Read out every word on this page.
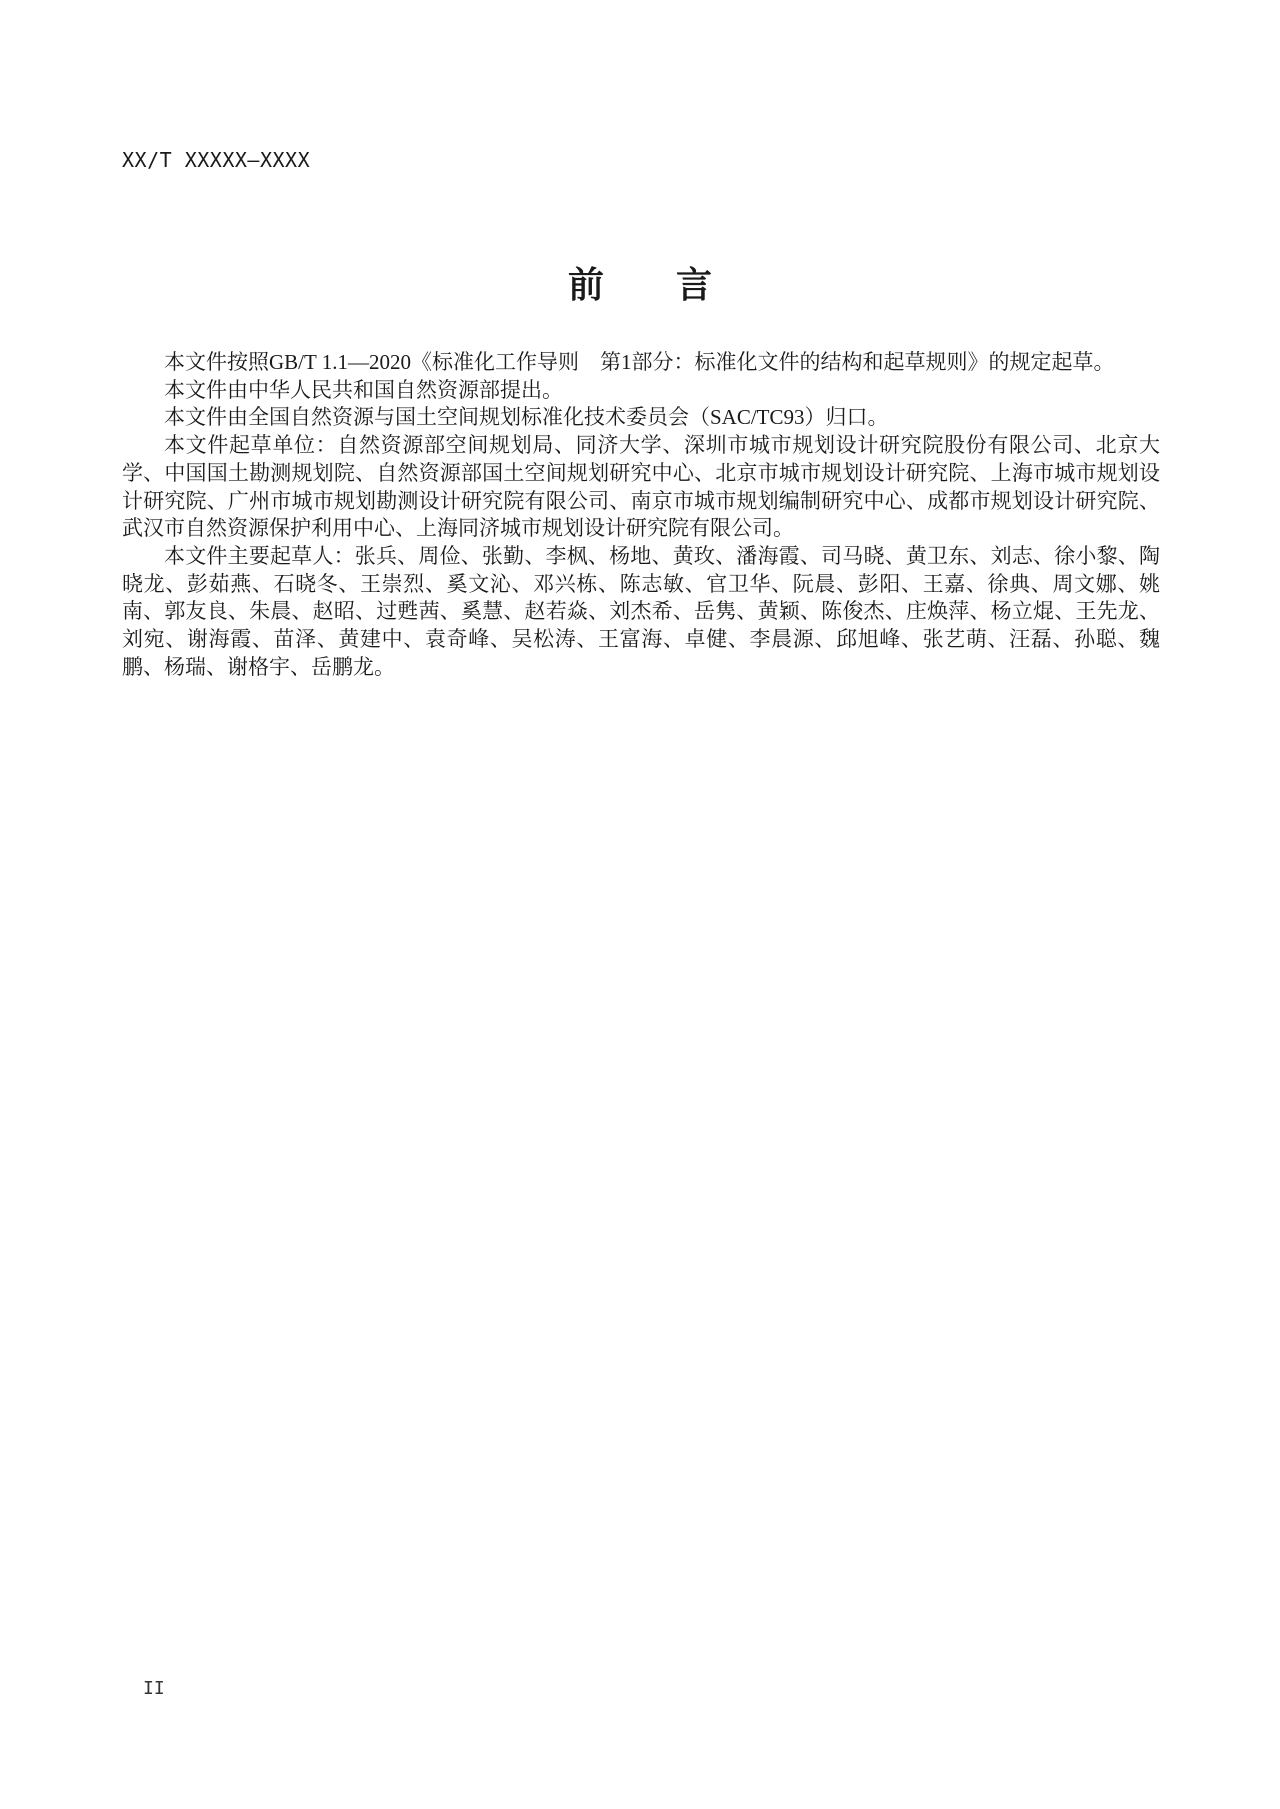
XX/T XXXXX—XXXX
前　　言

本文件按照GB/T 1.1—2020《标准化工作导则　第1部分：标准化文件的结构和起草规则》的规定起草。

本文件由中华人民共和国自然资源部提出。

本文件由全国自然资源与国土空间规划标准化技术委员会（SAC/TC93）归口。

本文件起草单位：自然资源部空间规划局、同济大学、深圳市城市规划设计研究院股份有限公司、北京大学、中国国土勘测规划院、自然资源部国土空间规划研究中心、北京市城市规划设计研究院、上海市城市规划设计研究院、广州市城市规划勘测设计研究院有限公司、南京市城市规划编制研究中心、成都市规划设计研究院、武汉市自然资源保护利用中心、上海同济城市规划设计研究院有限公司。

本文件主要起草人：张兵、周俭、张勤、李枫、杨地、黄玫、潘海霞、司马晓、黄卫东、刘志、徐小黎、陶晓龙、彭茹燕、石晓冬、王崇烈、奚文沁、邓兴栋、陈志敏、官卫华、阮晨、彭阳、王嘉、徐典、周文娜、姚南、郭友良、朱晨、赵昭、过甦茜、奚慧、赵若焱、刘杰希、岳隽、黄颖、陈俊杰、庄焕萍、杨立焜、王先龙、刘宛、谢海霞、苗泽、黄建中、袁奇峰、吴松涛、王富海、卓健、李晨源、邱旭峰、张艺萌、汪磊、孙聪、魏鹏、杨瑞、谢格宇、岳鹏龙。

II
